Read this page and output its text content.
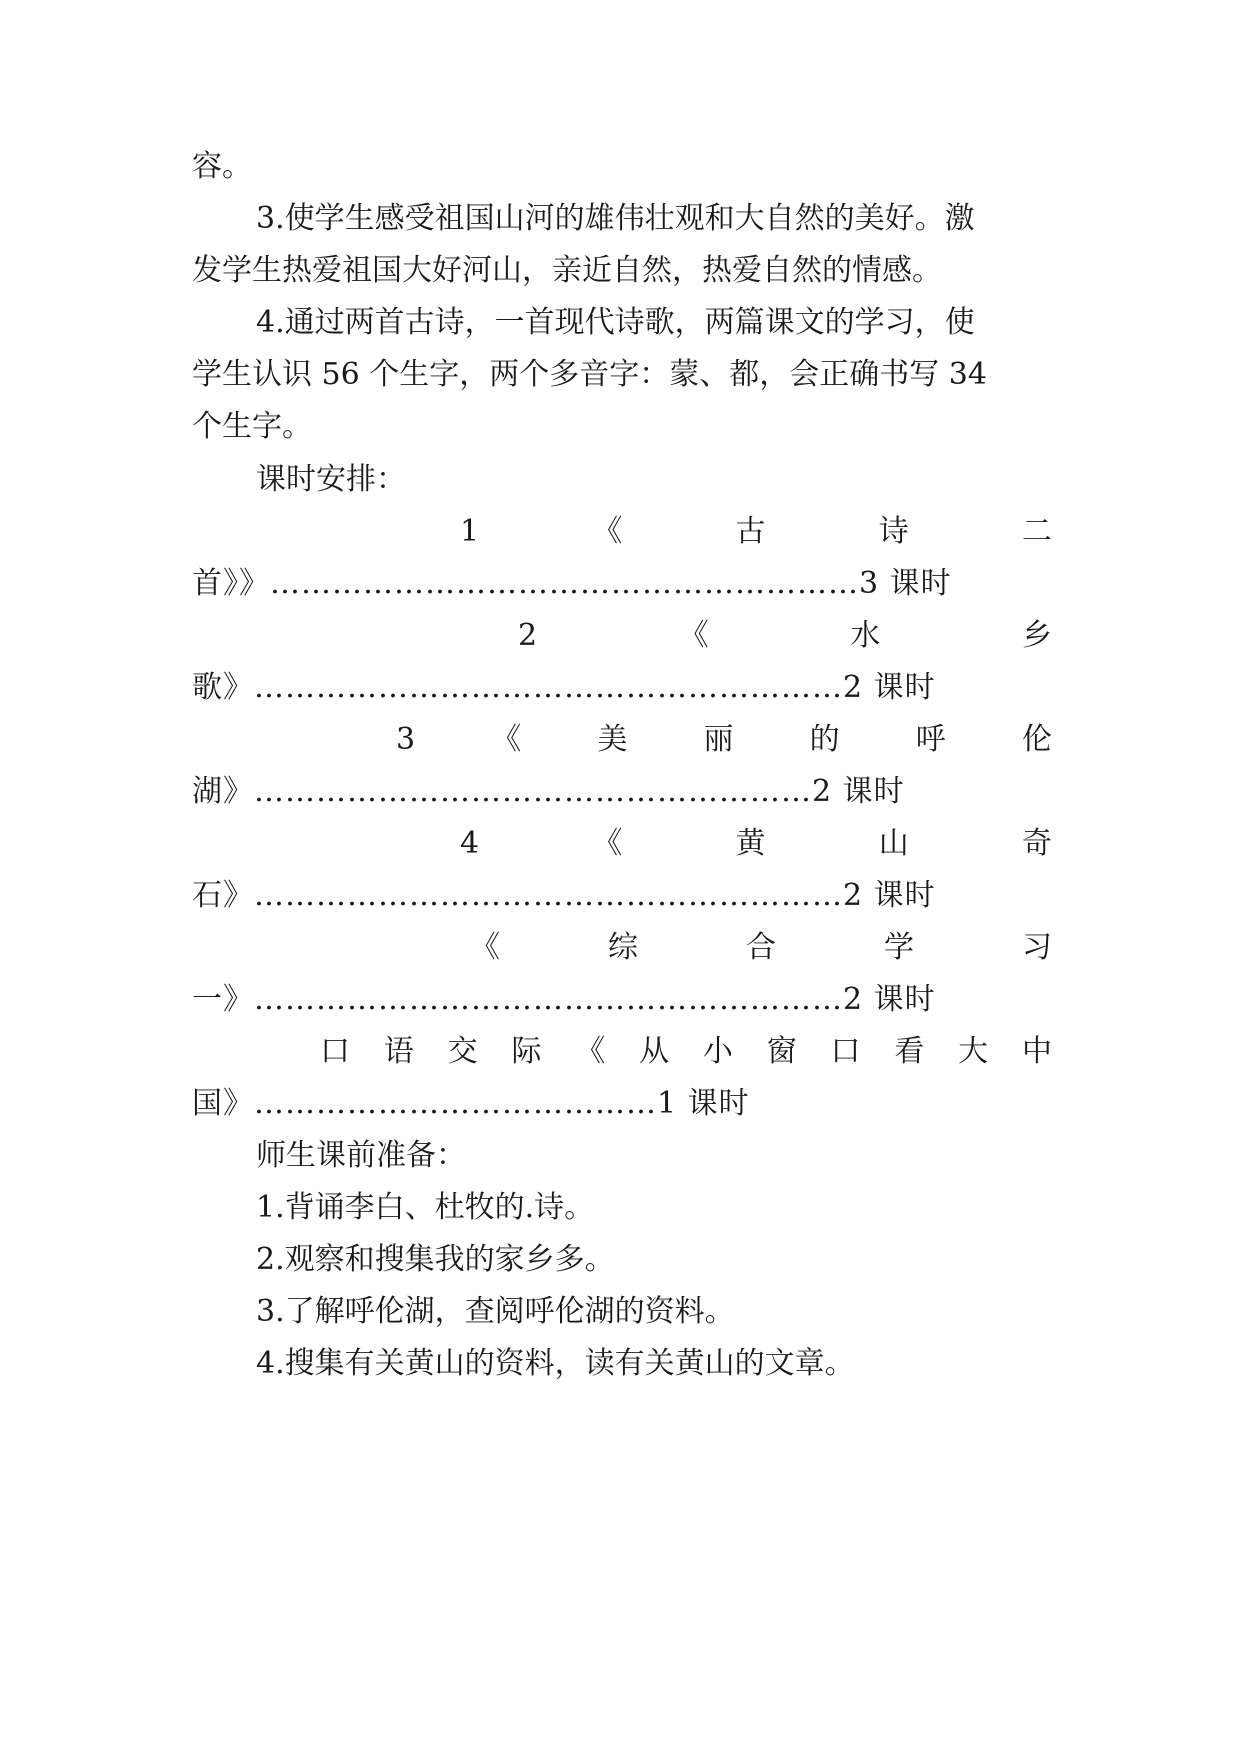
容。
3.使学生感受祖国山河的雄伟壮观和大自然的美好。激
发学生热爱祖国大好河山，亲近自然，热爱自然的情感。
4.通过两首古诗，一首现代诗歌，两篇课文的学习，使
学生认识 56 个生字，两个多音字：蒙、都，会正确书写 34
个生字。
课时安排：
1	《	古	诗	二
首》》…………………………………………………3 课时
2	《	水	乡
歌》…………………………………………………2 课时
3	《	美	丽	的	呼	伦
湖》………………………………………………2 课时
4	《	黄	山	奇
石》…………………………………………………2 课时
《	综	合	学	习
一》…………………………………………………2 课时
口 语 交 际 《 从 小 窗 口 看 大 中
国》…………………………………1 课时
师生课前准备：
1.背诵李白、杜牧的.诗。
2.观察和搜集我的家乡多。
3.了解呼伦湖，查阅呼伦湖的资料。
4.搜集有关黄山的资料，读有关黄山的文章。
